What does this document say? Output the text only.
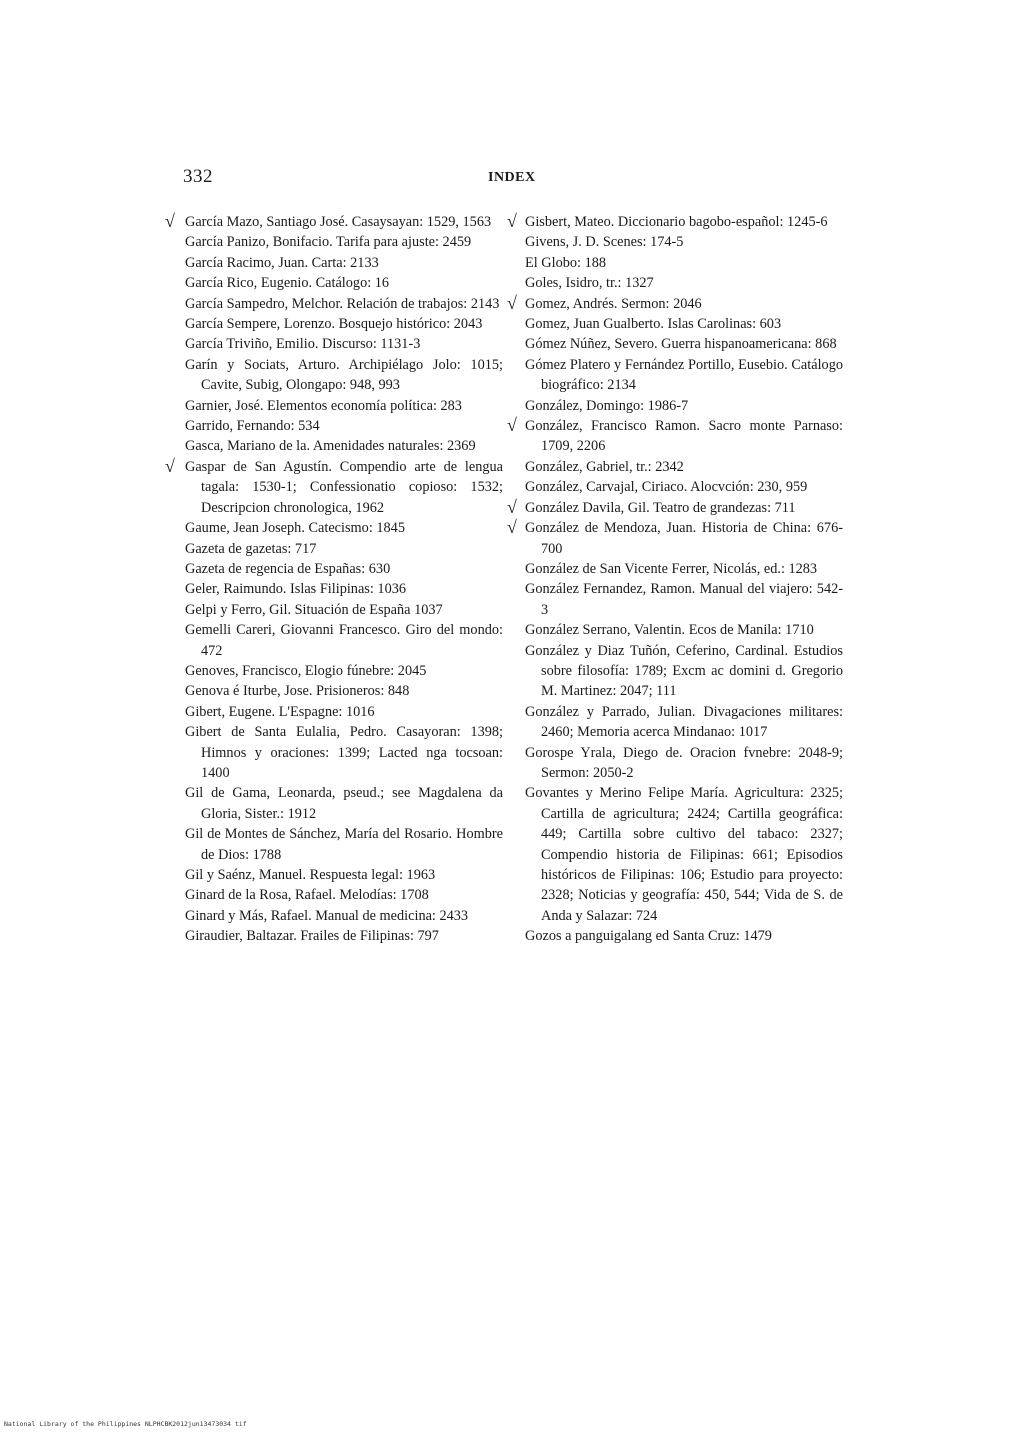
332	INDEX
√ García Mazo, Santiago José. Casaysayan: 1529, 1563
García Panizo, Bonifacio. Tarifa para ajuste: 2459
García Racimo, Juan. Carta: 2133
García Rico, Eugenio. Catálogo: 16
García Sampedro, Melchor. Relación de trabajos: 2143
García Sempere, Lorenzo. Bosquejo histórico: 2043
García Triviño, Emilio. Discurso: 1131-3
Garín y Sociats, Arturo. Archipiélago Jolo: 1015; Cavite, Subig, Olongapo: 948, 993
Garnier, José. Elementos economía política: 283
Garrido, Fernando: 534
Gasca, Mariano de la. Amenidades naturales: 2369
√ Gaspar de San Agustín. Compendio arte de lengua tagala: 1530-1; Confessionatio copioso: 1532; Descripcion chronologica, 1962
Gaume, Jean Joseph. Catecismo: 1845
Gazeta de gazetas: 717
Gazeta de regencia de Españas: 630
Geler, Raimundo. Islas Filipinas: 1036
Gelpi y Ferro, Gil. Situación de España 1037
Gemelli Careri, Giovanni Francesco. Giro del mondo: 472
Genoves, Francisco, Elogio fúnebre: 2045
Genova é Iturbe, Jose. Prisioneros: 848
Gibert, Eugene. L'Espagne: 1016
Gibert de Santa Eulalia, Pedro. Casayoran: 1398; Himnos y oraciones: 1399; Lacted nga tocsoan: 1400
Gil de Gama, Leonarda, pseud.; see Magdalena da Gloria, Sister.: 1912
Gil de Montes de Sánchez, María del Rosario. Hombre de Dios: 1788
Gil y Saénz, Manuel. Respuesta legal: 1963
Ginard de la Rosa, Rafael. Melodías: 1708
Ginard y Más, Rafael. Manual de medicina: 2433
Giraudier, Baltazar. Frailes de Filipinas: 797
√ Gisbert, Mateo. Diccionario bagobo-español: 1245-6
Givens, J. D. Scenes: 174-5
El Globo: 188
Goles, Isidro, tr.: 1327
√ Gomez, Andrés. Sermon: 2046
Gomez, Juan Gualberto. Islas Carolinas: 603
Gómez Núñez, Severo. Guerra hispanoamericana: 868
Gómez Platero y Fernández Portillo, Eusebio. Catálogo biográfico: 2134
González, Domingo: 1986-7
√ González, Francisco Ramon. Sacro monte Parnaso: 1709, 2206
González, Gabriel, tr.: 2342
González, Carvajal, Ciriaco. Alocvción: 230, 959
√ González Davila, Gil. Teatro de grandezas: 711
√ González de Mendoza, Juan. Historia de China: 676-700
González de San Vicente Ferrer, Nicolás, ed.: 1283
González Fernandez, Ramon. Manual del viajero: 542-3
González Serrano, Valentin. Ecos de Manila: 1710
González y Diaz Tuñón, Ceferino, Cardinal. Estudios sobre filosofía: 1789; Excm ac domini d. Gregorio M. Martinez: 2047; 111
González y Parrado, Julian. Divagaciones militares: 2460; Memoria acerca Mindanao: 1017
Gorospe Yrala, Diego de. Oracion fvnebre: 2048-9; Sermon: 2050-2
Govantes y Merino Felipe María. Agricultura: 2325; Cartilla de agricultura; 2424; Cartilla geográfica: 449; Cartilla sobre cultivo del tabaco: 2327; Compendio historia de Filipinas: 661; Episodios históricos de Filipinas: 106; Estudio para proyecto: 2328; Noticias y geografía: 450, 544; Vida de S. de Anda y Salazar: 724
Gozos a panguigalang ed Santa Cruz: 1479
National Library of the Philippines NLPHCBK2012jun13473034 tif
